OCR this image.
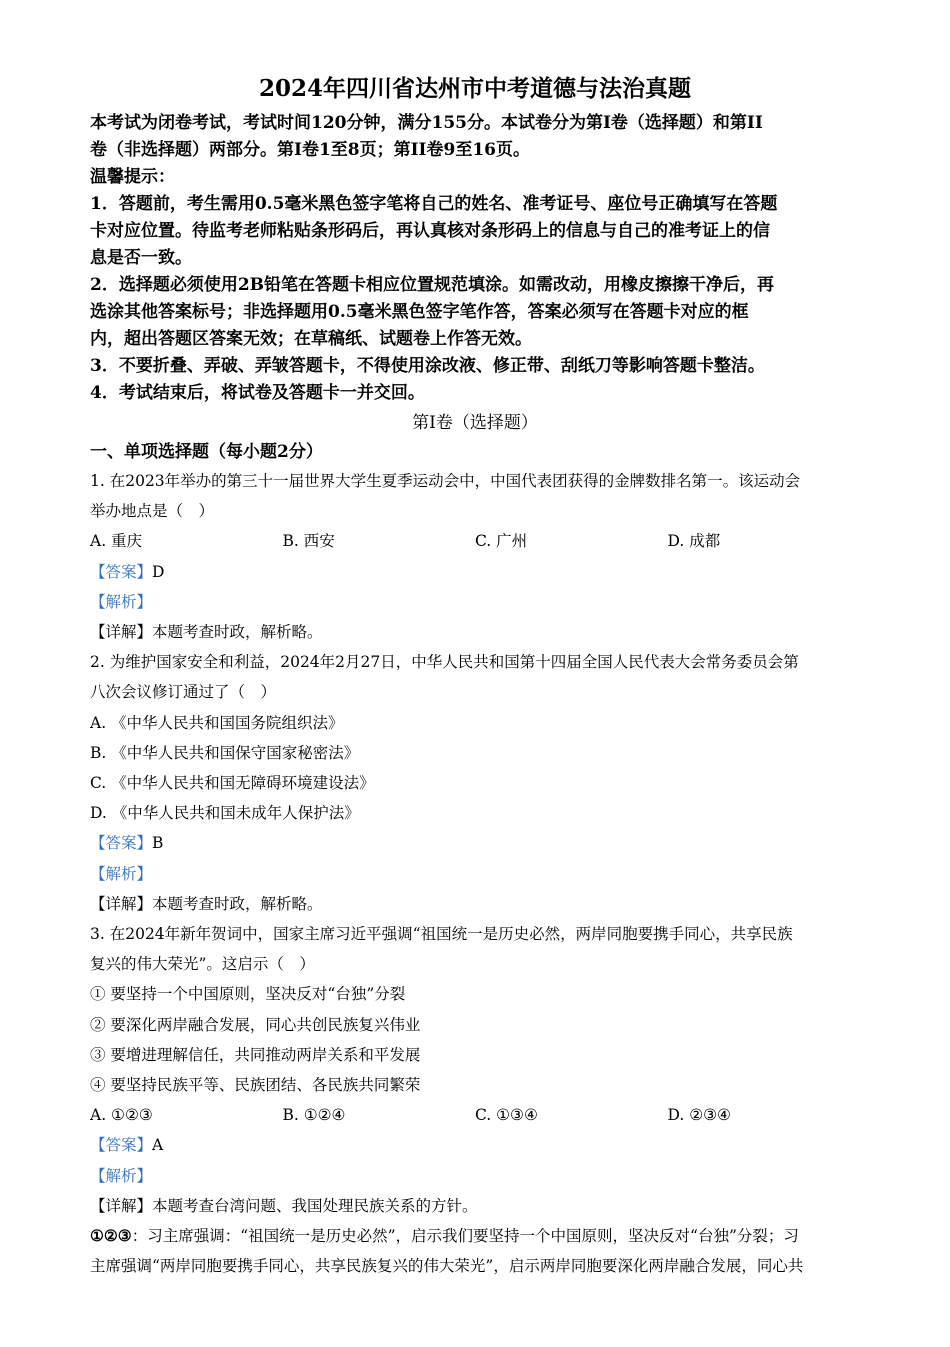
2024年四川省达州市中考道德与法治真题

本考试为闭卷考试，考试时间120分钟，满分155分。本试卷分为第I卷（选择题）和第II

卷（非选择题）两部分。第I卷1至8页；第II卷9至16页。

温馨提示：

1．答题前，考生需用0.5毫米黑色签字笔将自己的姓名、准考证号、座位号正确填写在答题

卡对应位置。待监考老师粘贴条形码后，再认真核对条形码上的信息与自己的准考证上的信

息是否一致。

2．选择题必须使用2B铅笔在答题卡相应位置规范填涂。如需改动，用橡皮擦擦干净后，再

选涂其他答案标号；非选择题用0.5毫米黑色签字笔作答，答案必须写在答题卡对应的框

内，超出答题区答案无效；在草稿纸、试题卷上作答无效。

3．不要折叠、弄破、弄皱答题卡，不得使用涂改液、修正带、刮纸刀等影响答题卡整洁。

4．考试结束后，将试卷及答题卡一并交回。

第Ⅰ卷（选择题）
一、单项选择题（每小题2分）

1. 在2023年举办的第三十一届世界大学生夏季运动会中，中国代表团获得的金牌数排名第一。该运动会

举办地点是（　）

A. 重庆	B. 西安	C. 广州	D. 成都

【答案】D

【解析】

【详解】本题考查时政，解析略。

2. 为维护国家安全和利益，2024年2月27日，中华人民共和国第十四届全国人民代表大会常务委员会第

八次会议修订通过了（　）

A. 《中华人民共和国国务院组织法》

B. 《中华人民共和国保守国家秘密法》

C. 《中华人民共和国无障碍环境建设法》

D. 《中华人民共和国未成年人保护法》

【答案】B

【解析】

【详解】本题考查时政，解析略。

3. 在2024年新年贺词中，国家主席习近平强调“祖国统一是历史必然，两岸同胞要携手同心，共享民族

复兴的伟大荣光”。这启示（　）

① 要坚持一个中国原则，坚决反对“台独”分裂

② 要深化两岸融合发展，同心共创民族复兴伟业

③ 要增进理解信任，共同推动两岸关系和平发展

④ 要坚持民族平等、民族团结、各民族共同繁荣

A. ①②③	B. ①②④	C. ①③④	D. ②③④

【答案】A

【解析】

【详解】本题考查台湾问题、我国处理民族关系的方针。

①②③：习主席强调：“祖国统一是历史必然”，启示我们要坚持一个中国原则，坚决反对“台独”分裂；习

主席强调“两岸同胞要携手同心，共享民族复兴的伟大荣光”，启示两岸同胞要深化两岸融合发展，同心共
